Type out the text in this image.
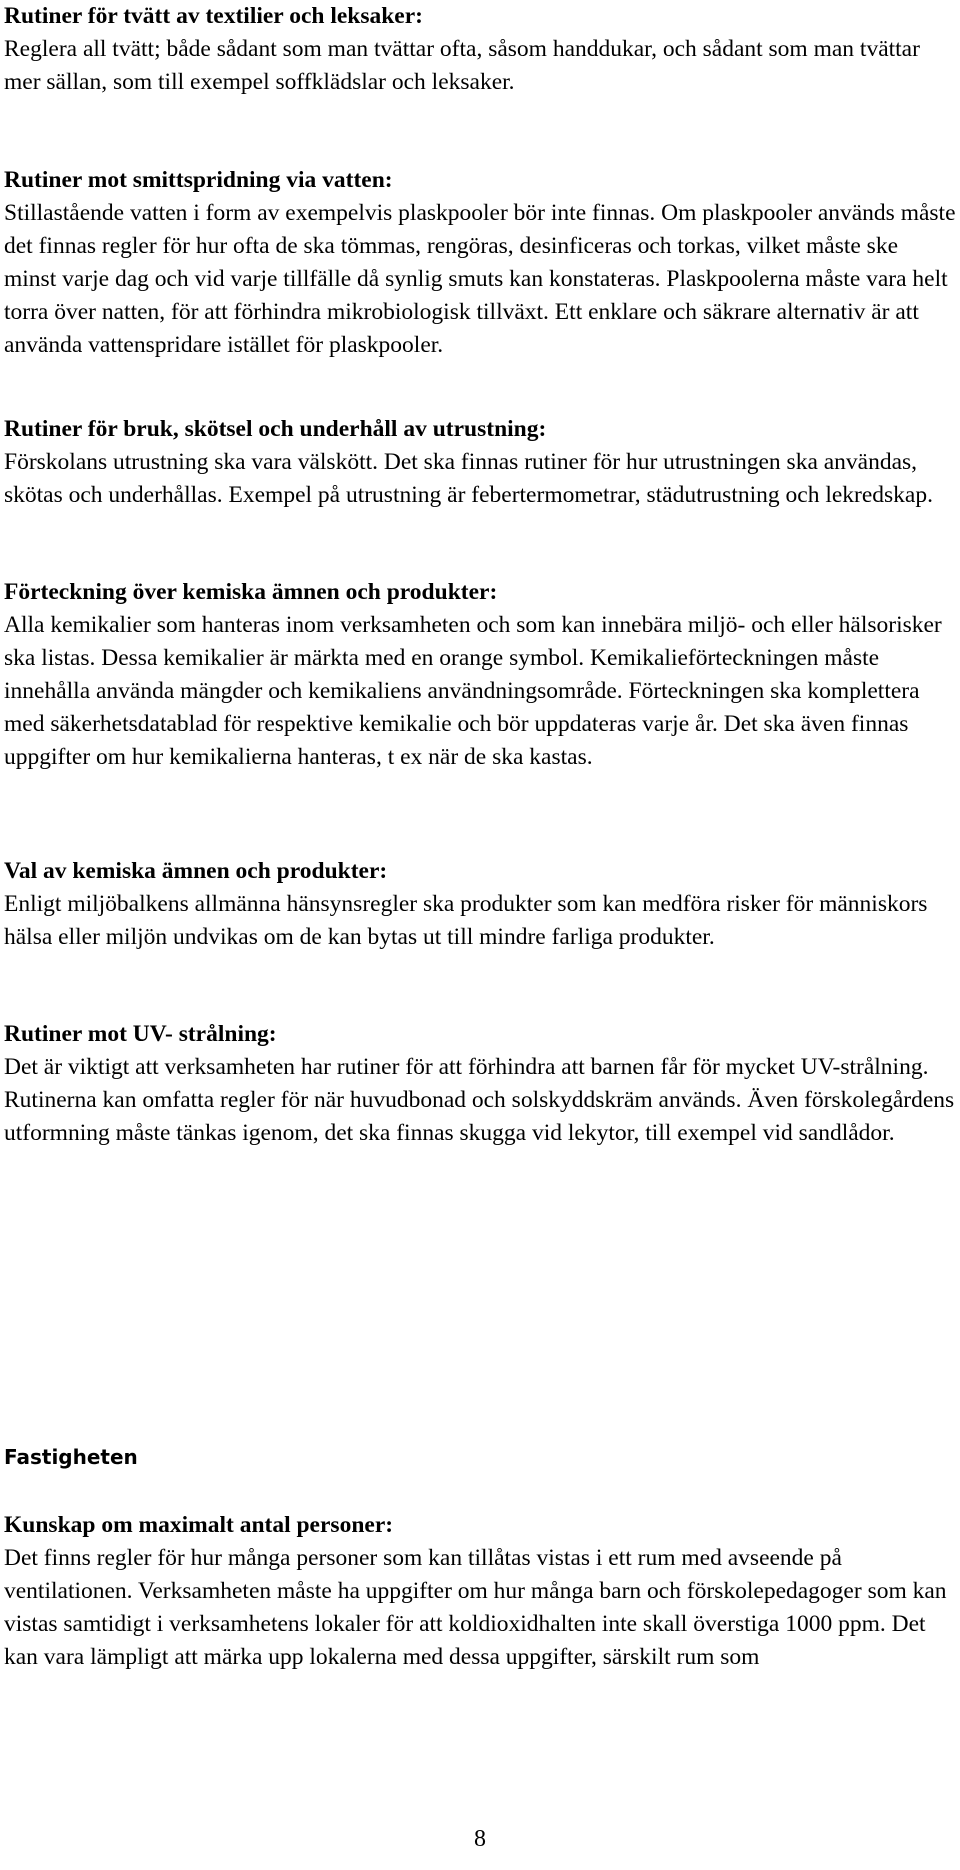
Rutiner för tvätt av textilier och leksaker:
Reglera all tvätt; både sådant som man tvättar ofta, såsom handdukar, och sådant som man tvättar mer sällan, som till exempel soffklädslar och leksaker.
Rutiner mot smittspridning via vatten:
Stillastående vatten i form av exempelvis plaskpooler bör inte finnas. Om plaskpooler används måste det finnas regler för hur ofta de ska tömmas, rengöras, desinficeras och torkas, vilket måste ske minst varje dag och vid varje tillfälle då synlig smuts kan konstateras. Plaskpoolerna måste vara helt torra över natten, för att förhindra mikrobiologisk tillväxt. Ett enklare och säkrare alternativ är att använda vattenspridare istället för plaskpooler.
Rutiner för bruk, skötsel och underhåll av utrustning:
Förskolans utrustning ska vara välskött. Det ska finnas rutiner för hur utrustningen ska användas, skötas och underhållas. Exempel på utrustning är febertermometrar, städutrustning och lekredskap.
Förteckning över kemiska ämnen och produkter:
Alla kemikalier som hanteras inom verksamheten och som kan innebära miljö- och eller hälsorisker ska listas. Dessa kemikalier är märkta med en orange symbol. Kemikalieförteckningen måste innehålla använda mängder och kemikaliens användningsområde. Förteckningen ska komplettera med säkerhetsdatablad för respektive kemikalie och bör uppdateras varje år. Det ska även finnas uppgifter om hur kemikalierna hanteras, t ex när de ska kastas.
Val av kemiska ämnen och produkter:
Enligt miljöbalkens allmänna hänsynsregler ska produkter som kan medföra risker för människors hälsa eller miljön undvikas om de kan bytas ut till mindre farliga produkter.
Rutiner mot UV- strålning:
Det är viktigt att verksamheten har rutiner för att förhindra att barnen får för mycket UV-strålning. Rutinerna kan omfatta regler för när huvudbonad och solskyddskräm används. Även förskolegårdens utformning måste tänkas igenom, det ska finnas skugga vid lekytor, till exempel vid sandlådor.

Fastigheten

Kunskap om maximalt antal personer:
Det finns regler för hur många personer som kan tillåtas vistas i ett rum med avseende på ventilationen. Verksamheten måste ha uppgifter om hur många barn och förskolepedagoger som kan vistas samtidigt i verksamhetens lokaler för att koldioxidhalten inte skall överstiga 1000 ppm. Det kan vara lämpligt att märka upp lokalerna med dessa uppgifter, särskilt rum som

8
